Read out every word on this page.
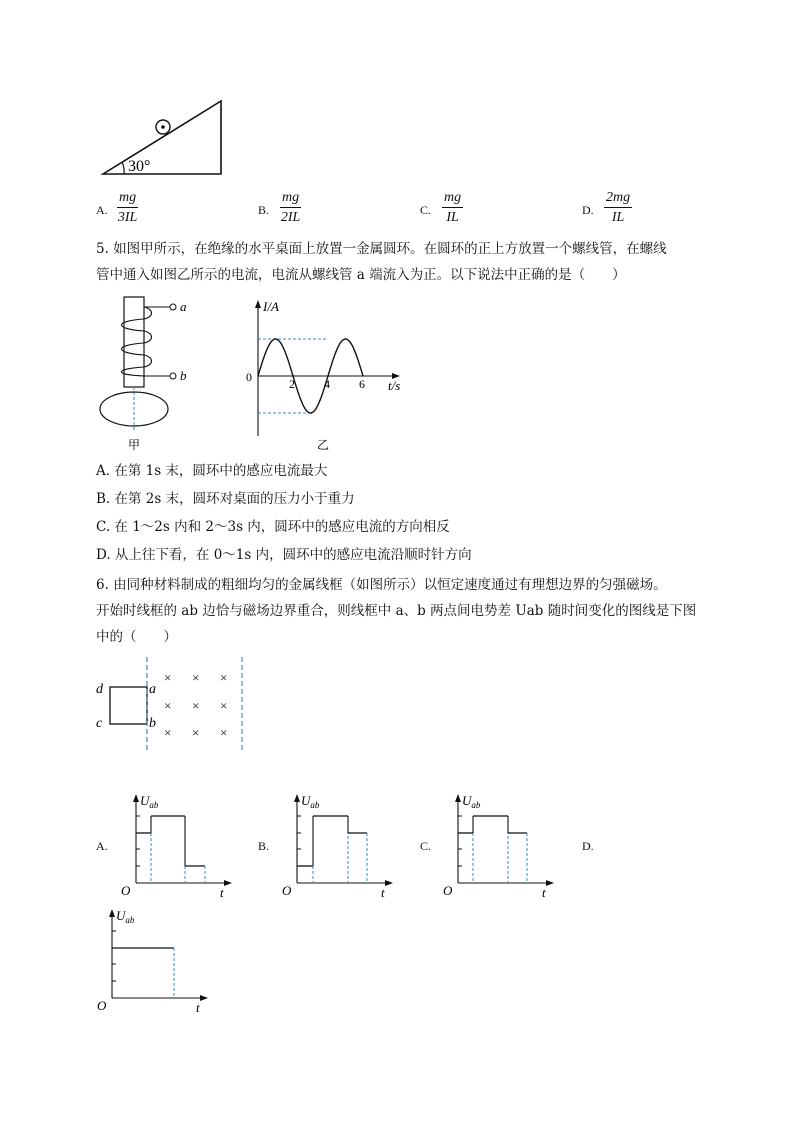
30°
A. $\frac{mg}{3IL}$	B. $\frac{mg}{2IL}$	C. $\frac{mg}{IL}$	D. $\frac{2mg}{IL}$
5. 如图甲所示，在绝缘的水平桌面上放置一金属圆环。在圆环的正上方放置一个螺线管，在螺线
管中通入如图乙所示的电流，电流从螺线管 a 端流入为正。以下说法中正确的是（　　）
a
b
甲
I/A
t/s
0	2 4 6
乙
A. 在第 1s 末，圆环中的感应电流最大
B. 在第 2s 末，圆环对桌面的压力小于重力
C. 在 1～2s 内和 2～3s 内，圆环中的感应电流的方向相反
D. 从上往下看，在 0～1s 内，圆环中的感应电流沿顺时针方向
6. 由同种材料制成的粗细均匀的金属线框（如图所示）以恒定速度通过有理想边界的匀强磁场。
开始时线框的 ab 边恰与磁场边界重合，则线框中 a、b 两点间电势差 Uab 随时间变化的图线是下图
中的（　　）
d
c
a
b
× × ×
× × ×
× × ×
A.
$U_{ab}$
t
O
B.
$U_{ab}$
t
O
C.
$U_{ab}$
t
O
D.
$U_{ab}$
t
O
